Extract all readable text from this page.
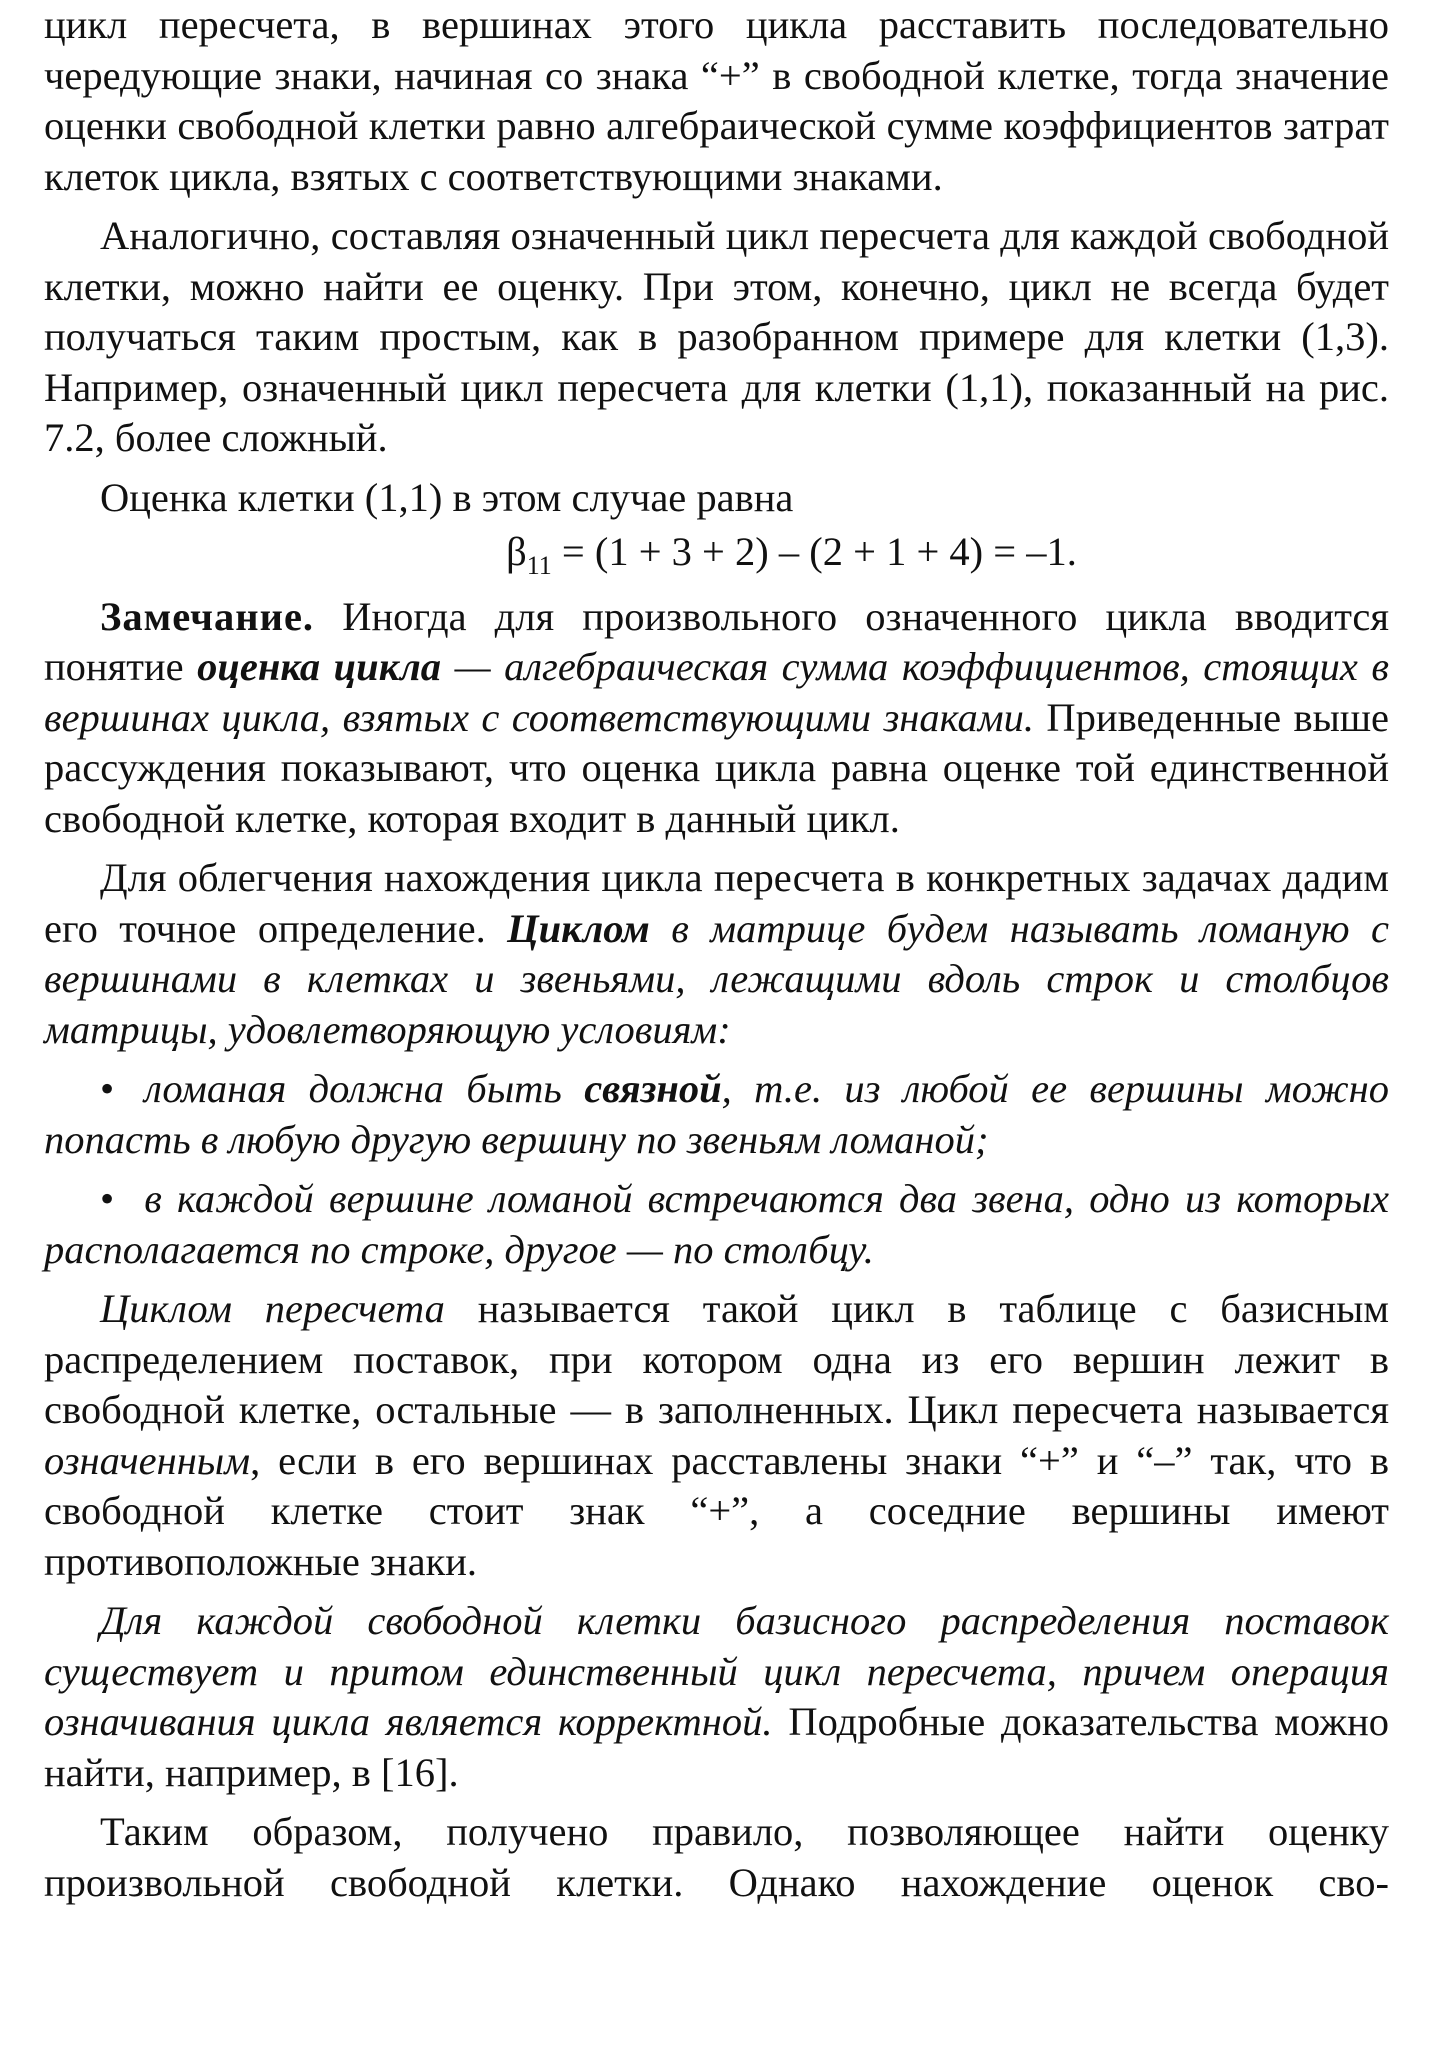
цикл пересчета, в вершинах этого цикла расставить последовательно чередующие знаки, начиная со знака “+” в свободной клетке, тогда значение оценки свободной клетки равно алгебраической сумме коэффициентов затрат клеток цикла, взятых с соответствующими знаками.

Аналогично, составляя означенный цикл пересчета для каждой свободной клетки, можно найти ее оценку. При этом, конечно, цикл не всегда будет получаться таким простым, как в разобранном примере для клетки (1,3). Например, означенный цикл пересчета для клетки (1,1), показанный на рис. 7.2, более сложный.

Оценка клетки (1,1) в этом случае равна

$\beta_{11} = (1 + 3 + 2) - (2 + 1 + 4) = -1$.

Замечание. Иногда для произвольного означенного цикла вводится понятие оценка цикла — алгебраическая сумма коэффициентов, стоящих в вершинах цикла, взятых с соответствующими знаками. Приведенные выше рассуждения показывают, что оценка цикла равна оценке той единственной свободной клетке, которая входит в данный цикл.

Для облегчения нахождения цикла пересчета в конкретных задачах дадим его точное определение. Циклом в матрице будем называть ломаную с вершинами в клетках и звеньями, лежащими вдоль строк и столбцов матрицы, удовлетворяющую условиям:

• ломаная должна быть связной, т.е. из любой ее вершины можно попасть в любую другую вершину по звеньям ломаной;

• в каждой вершине ломаной встречаются два звена, одно из которых располагается по строке, другое — по столбцу.

Циклом пересчета называется такой цикл в таблице с базисным распределением поставок, при котором одна из его вершин лежит в свободной клетке, остальные — в заполненных. Цикл пересчета называется означенным, если в его вершинах расставлены знаки “+” и “–” так, что в свободной клетке стоит знак “+”, а соседние вершины имеют противоположные знаки.

Для каждой свободной клетки базисного распределения поставок существует и притом единственный цикл пересчета, причем операция означивания цикла является корректной. Подробные доказательства можно найти, например, в [16].

Таким образом, получено правило, позволяющее найти оценку произвольной свободной клетки. Однако нахождение оценок сво-
